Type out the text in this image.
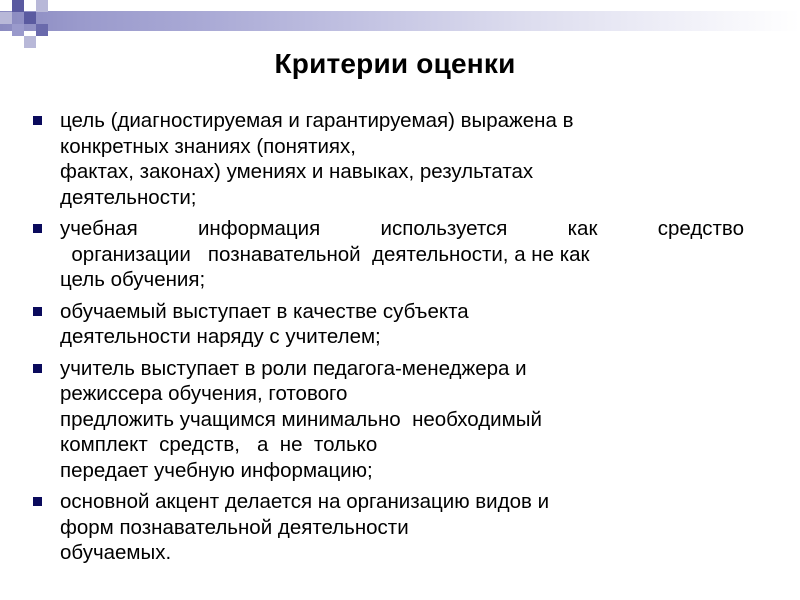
Критерии оценки
цель (диагностируемая и гарантируемая) выражена в
конкретных знаниях (понятиях,
фактах, законах) умениях и навыках, результатах
деятельности;
учебная информация используется как средство
организации   познавательной  деятельности, а не как
цель обучения;
обучаемый выступает в качестве субъекта
деятельности наряду с учителем;
учитель выступает в роли педагога-менеджера и
режиссера обучения, готового
предложить учащимся минимально  необходимый
комплект  средств,   а  не  только
передает учебную информацию;
основной акцент делается на организацию видов и
форм познавательной деятельности
обучаемых.
